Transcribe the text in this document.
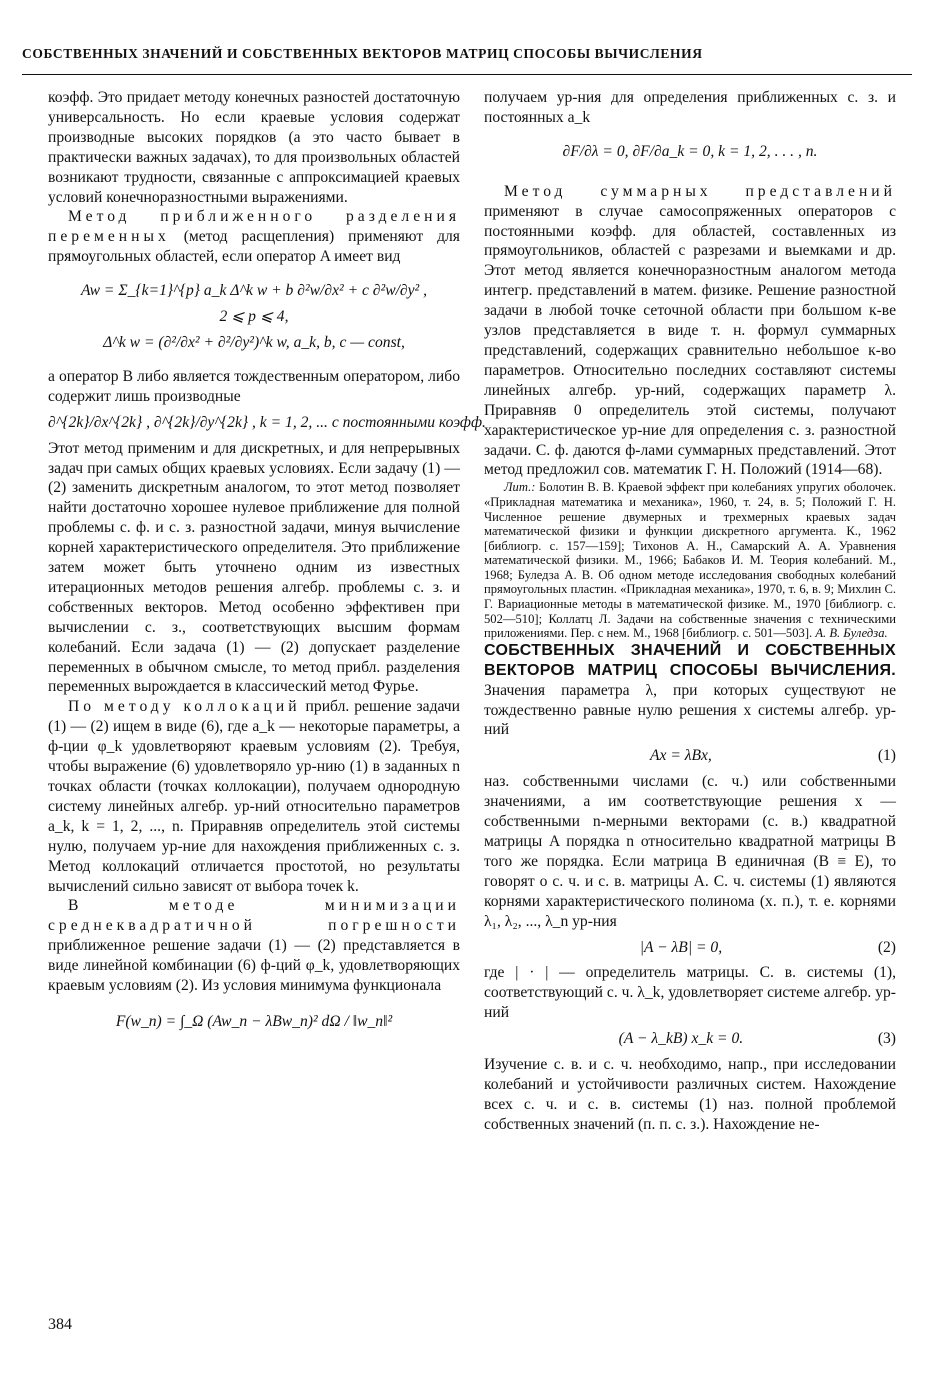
СОБСТВЕННЫХ ЗНАЧЕНИЙ И СОБСТВЕННЫХ ВЕКТОРОВ МАТРИЦ СПОСОБЫ ВЫЧИСЛЕНИЯ

коэфф. Это придает методу конечных разностей достаточную универсальность. Но если краевые условия содержат производные высоких порядков (а это часто бывает в практически важных задачах), то для произвольных областей возникают трудности, связанные с аппроксимацией краевых условий конечноразностными выражениями.

Метод приближенного разделения переменных (метод расщепления) применяют для прямоугольных областей, если оператор A имеет вид

Aw = Σ_{k=1}^{p} a_k Δ^k w + b ∂²w/∂x² + c ∂²w/∂y² ,
2 ⩽ p ⩽ 4,
Δ^k w = (∂²/∂x² + ∂²/∂y²)^k w, a_k, b, c — const,

а оператор B либо является тождественным оператором, либо содержит лишь производные

∂^{2k}/∂x^{2k} , ∂^{2k}/∂y^{2k} , k = 1, 2, ... с постоянными коэфф.

Этот метод применим и для дискретных, и для непрерывных задач при самых общих краевых условиях. Если задачу (1) — (2) заменить дискретным аналогом, то этот метод позволяет найти достаточно хорошее нулевое приближение для полной проблемы с. ф. и с. з. разностной задачи, минуя вычисление корней характеристического определителя. Это приближение затем может быть уточнено одним из известных итерационных методов решения алгебр. проблемы с. з. и собственных векторов. Метод особенно эффективен при вычислении с. з., соответствующих высшим формам колебаний. Если задача (1) — (2) допускает разделение переменных в обычном смысле, то метод прибл. разделения переменных вырождается в классический метод Фурье.

По методу коллокаций прибл. решение задачи (1) — (2) ищем в виде (6), где a_k — некоторые параметры, а ф-ции φ_k удовлетворяют краевым условиям (2). Требуя, чтобы выражение (6) удовлетворяло ур-нию (1) в заданных n точках области (точках коллокации), получаем однородную систему линейных алгебр. ур-ний относительно параметров a_k, k = 1, 2, ..., n. Приравняв определитель этой системы нулю, получаем ур-ние для нахождения приближенных с. з. Метод коллокаций отличается простотой, но результаты вычислений сильно зависят от выбора точек k.

В методе минимизации среднеквадратичной погрешности приближенное решение задачи (1) — (2) представляется в виде линейной комбинации (6) ф-ций φ_k, удовлетворяющих краевым условиям (2). Из условия минимума функционала

F(w_n) = ∫_Ω (Aw_n − λBw_n)² dΩ / ‖w_n‖²

получаем ур-ния для определения приближенных с. з. и постоянных a_k

∂F/∂λ = 0, ∂F/∂a_k = 0, k = 1, 2, . . . , n.

Метод суммарных представлений применяют в случае самосопряженных операторов с постоянными коэфф. для областей, составленных из прямоугольников, областей с разрезами и выемками и др. Этот метод является конечноразностным аналогом метода интегр. представлений в матем. физике. Решение разностной задачи в любой точке сеточной области при большом к-ве узлов представляется в виде т. н. формул суммарных представлений, содержащих сравнительно небольшое к-во параметров. Относительно последних составляют системы линейных алгебр. ур-ний, содержащих параметр λ. Приравняв 0 определитель этой системы, получают характеристическое ур-ние для определения с. з. разностной задачи. С. ф. даются ф-лами суммарных представлений. Этот метод предложил сов. математик Г. Н. Положий (1914—68).

Лит.: Болотин В. В. Краевой эффект при колебаниях упругих оболочек. «Прикладная математика и механика», 1960, т. 24, в. 5; Положий Г. Н. Численное решение двумерных и трехмерных краевых задач математической физики и функции дискретного аргумента. К., 1962 [библиогр. с. 157—159]; Тихонов А. Н., Самарский А. А. Уравнения математической физики. М., 1966; Бабаков И. М. Теория колебаний. М., 1968; Буледза А. В. Об одном методе исследования свободных колебаний прямоугольных пластин. «Прикладная механика», 1970, т. 6, в. 9; Михлин С. Г. Вариационные методы в математической физике. М., 1970 [библиогр. с. 502—510]; Коллатц Л. Задачи на собственные значения с техническими приложениями. Пер. с нем. М., 1968 [библиогр. с. 501—503]. А. В. Буледза.

СОБСТВЕННЫХ ЗНАЧЕНИЙ И СОБСТВЕННЫХ ВЕКТОРОВ МАТРИЦ СПОСОБЫ ВЫЧИСЛЕНИЯ. Значения параметра λ, при которых существуют не тождественно равные нулю решения x системы алгебр. ур-ний

(1)
Ax = λBx,

наз. собственными числами (с. ч.) или собственными значениями, а им соответствующие решения x — собственными n-мерными векторами (с. в.) квадратной матрицы A порядка n относительно квадратной матрицы B того же порядка. Если матрица B единичная (B ≡ E), то говорят о с. ч. и с. в. матрицы A. С. ч. системы (1) являются корнями характеристического полинома (х. п.), т. е. корнями λ₁, λ₂, ..., λ_n ур-ния

(2)
|A − λB| = 0,

где | · | — определитель матрицы. С. в. системы (1), соответствующий с. ч. λ_k, удовлетворяет системе алгебр. ур-ний

(3)
(A − λ_kB) x_k = 0.

Изучение с. в. и с. ч. необходимо, напр., при исследовании колебаний и устойчивости различных систем. Нахождение всех с. ч. и с. в. системы (1) наз. полной проблемой собственных значений (п. п. с. з.). Нахождение не-

384
